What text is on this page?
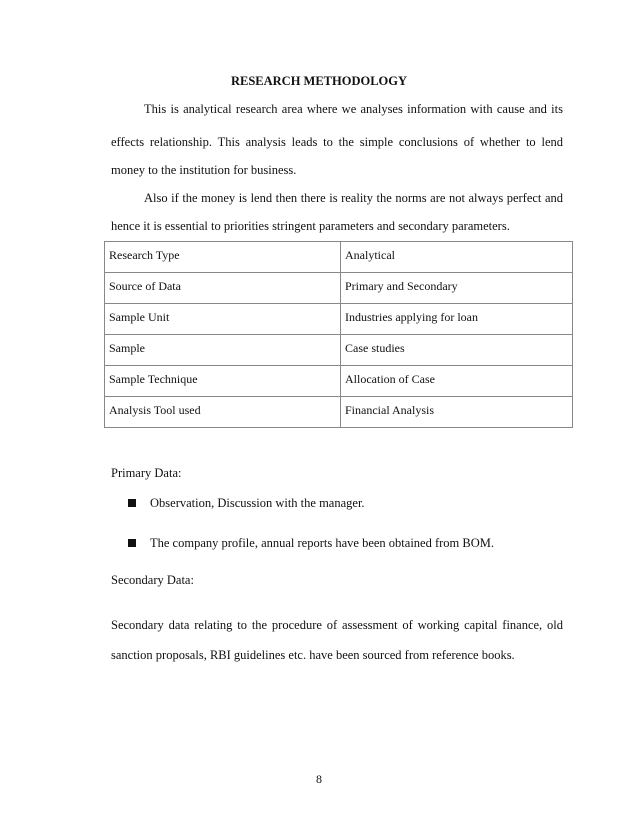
RESEARCH METHODOLOGY
This is analytical research area where we analyses information with cause and its
effects relationship. This analysis leads to the simple conclusions of whether to lend
money to the institution for business.
Also if the money is lend then there is reality the norms are not always perfect and
hence it is essential to priorities stringent parameters and secondary parameters.
Research Type	Analytical
Source of Data	Primary and Secondary
Sample Unit	Industries applying for loan
Sample	Case studies
Sample Technique	Allocation of Case
Analysis Tool used	Financial Analysis
Primary Data:
Observation, Discussion with the manager.
The company profile, annual reports have been obtained from BOM.
Secondary Data:
Secondary data relating to the procedure of assessment of working capital finance, old
sanction proposals, RBI guidelines etc. have been sourced from reference books.
8
